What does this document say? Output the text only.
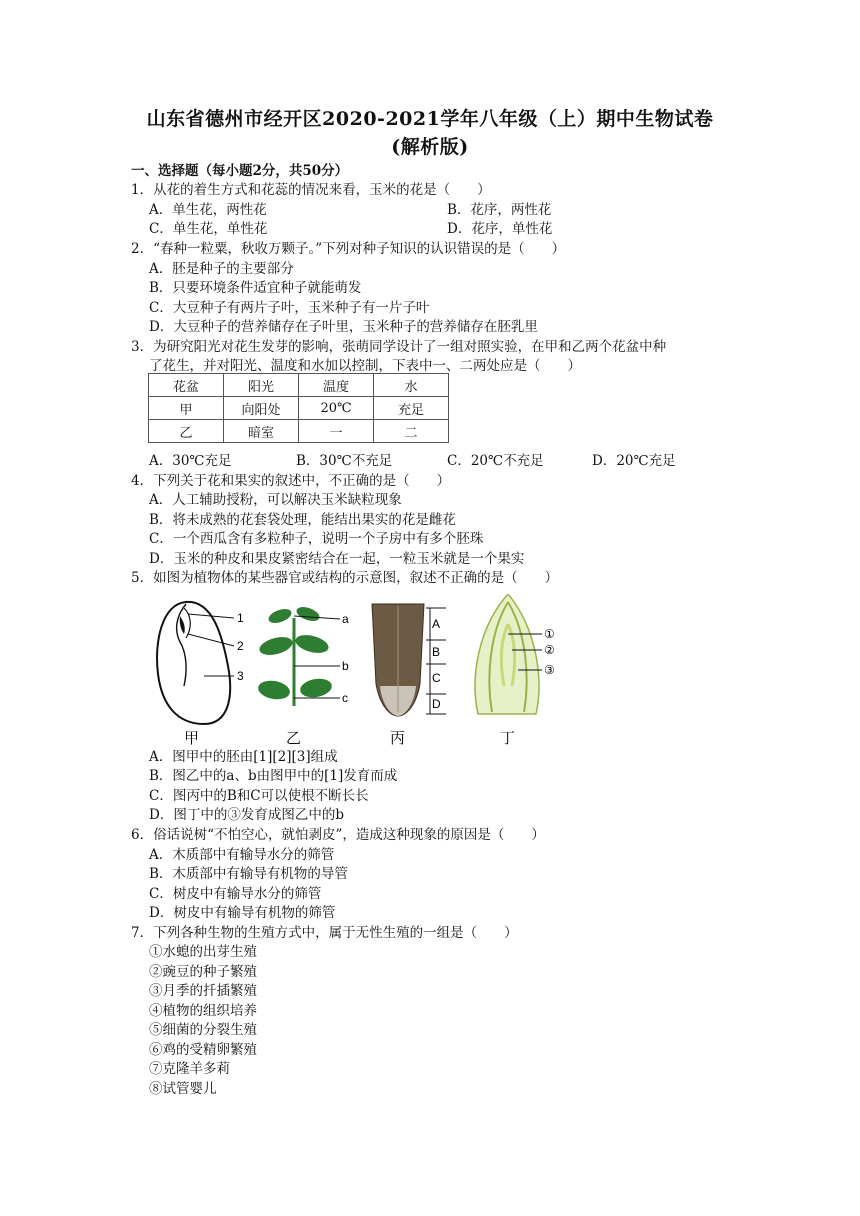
山东省德州市经开区2020-2021学年八年级（上）期中生物试卷
(解析版)
一、选择题（每小题2分，共50分）
1．从花的着生方式和花蕊的情况来看，玉米的花是（　　）
A．单生花，两性花	B．花序，两性花
C．单生花，单性花	D．花序，单性花
2．“春种一粒粟，秋收万颗子。”下列对种子知识的认识错误的是（　　）
A．胚是种子的主要部分
B．只要环境条件适宜种子就能萌发
C．大豆种子有两片子叶，玉米种子有一片子叶
D．大豆种子的营养储存在子叶里，玉米种子的营养储存在胚乳里
3．为研究阳光对花生发芽的影响，张萌同学设计了一组对照实验，在甲和乙两个花盆中种
了花生，并对阳光、温度和水加以控制，下表中一、二两处应是（　　）
花盆	阳光	温度	水
甲	向阳处	20℃	充足
乙	暗室	一	二
A．30℃充足	B．30℃不充足	C．20℃不充足	D．20℃充足
4．下列关于花和果实的叙述中，不正确的是（　　）
A．人工辅助授粉，可以解决玉米缺粒现象
B．将未成熟的花套袋处理，能结出果实的花是雌花
C．一个西瓜含有多粒种子，说明一个子房中有多个胚珠
D．玉米的种皮和果皮紧密结合在一起，一粒玉米就是一个果实
5．如图为植物体的某些器官或结构的示意图，叙述不正确的是（　　）
1
2
3
甲
a
b
c
乙
A
B
C
D
丙
①
②
③
丁
A．图甲中的胚由[1][2][3]组成
B．图乙中的a、b由图甲中的[1]发育而成
C．图丙中的B和C可以使根不断长长
D．图丁中的③发育成图乙中的b
6．俗话说树“不怕空心，就怕剥皮”，造成这种现象的原因是（　　）
A．木质部中有输导水分的筛管
B．木质部中有输导有机物的导管
C．树皮中有输导水分的筛管
D．树皮中有输导有机物的筛管
7．下列各种生物的生殖方式中，属于无性生殖的一组是（　　）
①水螅的出芽生殖
②豌豆的种子繁殖
③月季的扦插繁殖
④植物的组织培养
⑤细菌的分裂生殖
⑥鸡的受精卵繁殖
⑦克隆羊多莉
⑧试管婴儿
